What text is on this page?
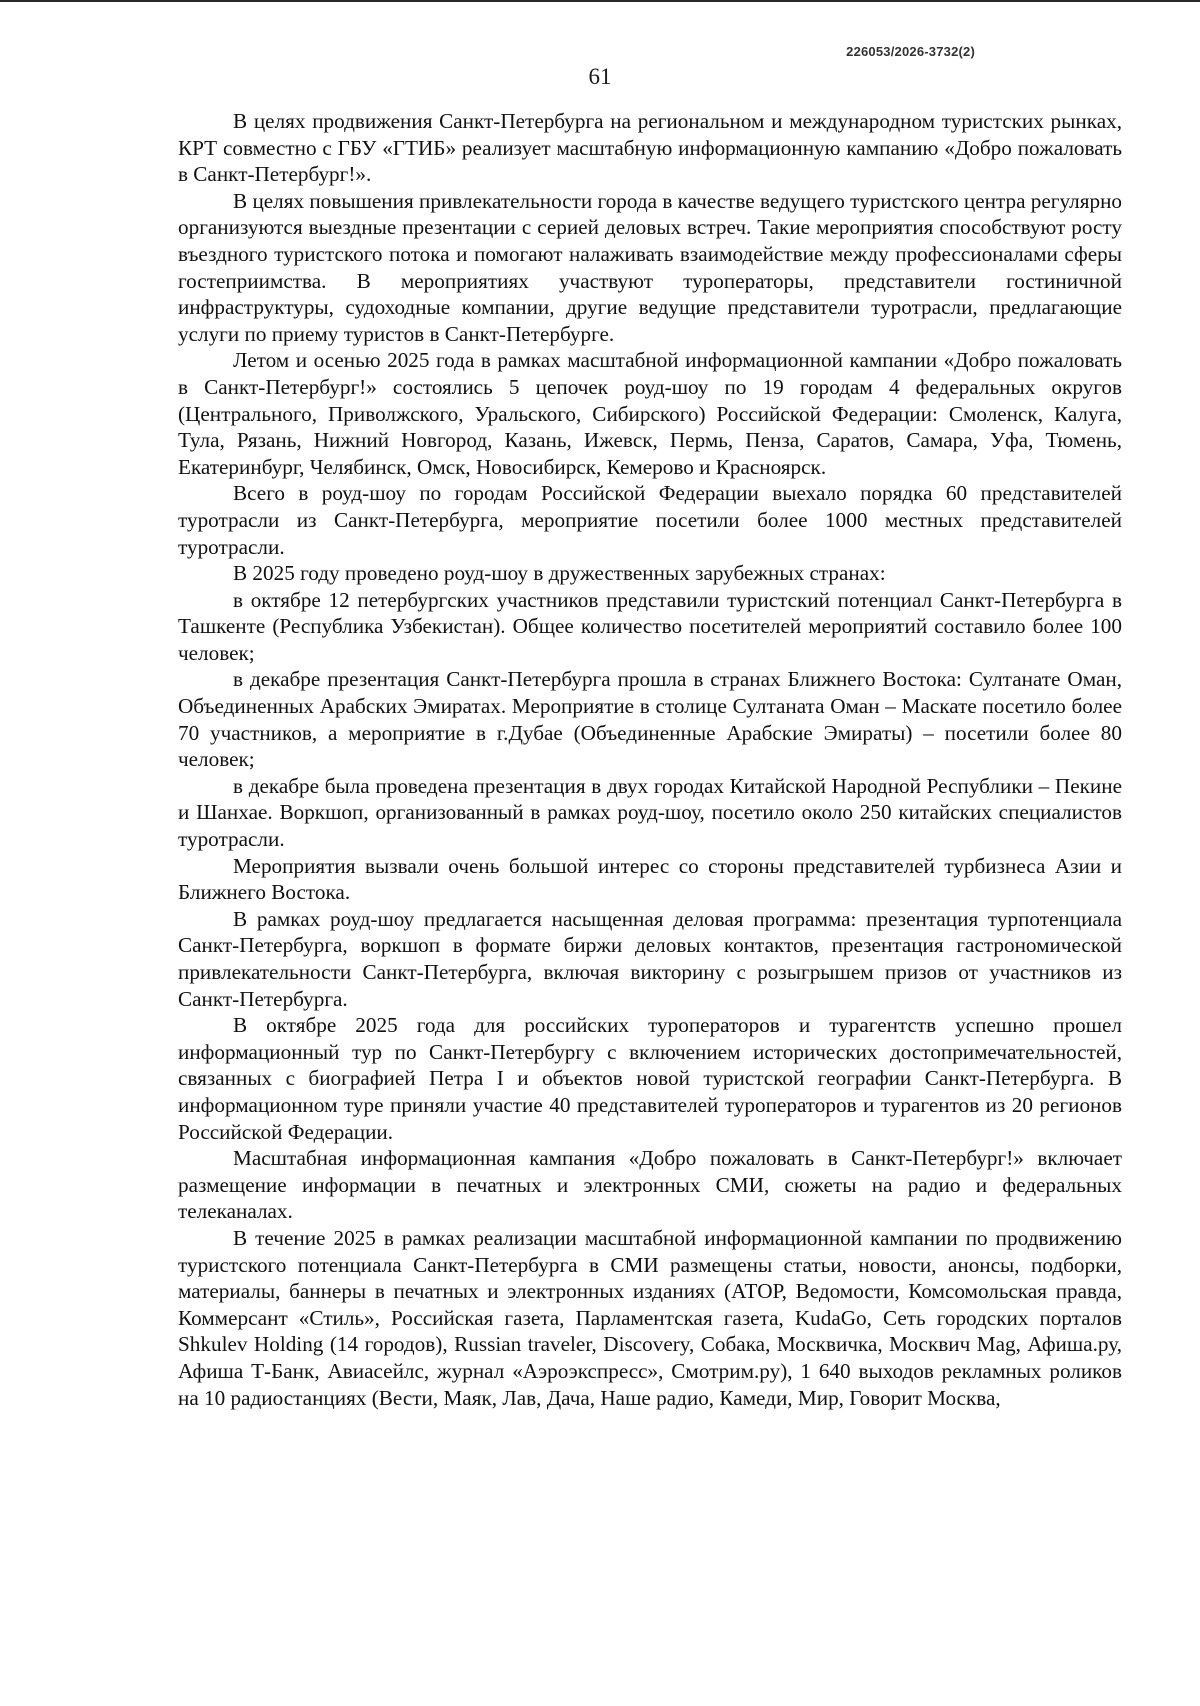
226053/2026-3732(2)
61

В целях продвижения Санкт-Петербурга на региональном и международном туристских рынках, КРТ совместно с ГБУ «ГТИБ» реализует масштабную информационную кампанию «Добро пожаловать в Санкт-Петербург!».

В целях повышения привлекательности города в качестве ведущего туристского центра регулярно организуются выездные презентации с серией деловых встреч. Такие мероприятия способствуют росту въездного туристского потока и помогают налаживать взаимодействие между профессионалами сферы гостеприимства. В мероприятиях участвуют туроператоры, представители гостиничной инфраструктуры, судоходные компании, другие ведущие представители туротрасли, предлагающие услуги по приему туристов в Санкт-Петербурге.

Летом и осенью 2025 года в рамках масштабной информационной кампании «Добро пожаловать в Санкт-Петербург!» состоялись 5 цепочек роуд-шоу по 19 городам 4 федеральных округов (Центрального, Приволжского, Уральского, Сибирского) Российской Федерации: Смоленск, Калуга, Тула, Рязань, Нижний Новгород, Казань, Ижевск, Пермь, Пенза, Саратов, Самара, Уфа, Тюмень, Екатеринбург, Челябинск, Омск, Новосибирск, Кемерово и Красноярск.

Всего в роуд-шоу по городам Российской Федерации выехало порядка 60 представителей туротрасли из Санкт-Петербурга, мероприятие посетили более 1000 местных представителей туротрасли.

В 2025 году проведено роуд-шоу в дружественных зарубежных странах:

в октябре 12 петербургских участников представили туристский потенциал Санкт-Петербурга в Ташкенте (Республика Узбекистан). Общее количество посетителей мероприятий составило более 100 человек;

в декабре презентация Санкт-Петербурга прошла в странах Ближнего Востока: Султанате Оман, Объединенных Арабских Эмиратах. Мероприятие в столице Султаната Оман – Маскате посетило более 70 участников, а мероприятие в г.Дубае (Объединенные Арабские Эмираты) – посетили более 80 человек;

в декабре была проведена презентация в двух городах Китайской Народной Республики – Пекине и Шанхае. Воркшоп, организованный в рамках роуд-шоу, посетило около 250 китайских специалистов туротрасли.

Мероприятия вызвали очень большой интерес со стороны представителей турбизнеса Азии и Ближнего Востока.

В рамках роуд-шоу предлагается насыщенная деловая программа: презентация турпотенциала Санкт-Петербурга, воркшоп в формате биржи деловых контактов, презентация гастрономической привлекательности Санкт-Петербурга, включая викторину с розыгрышем призов от участников из Санкт-Петербурга.

В октябре 2025 года для российских туроператоров и турагентств успешно прошел информационный тур по Санкт-Петербургу с включением исторических достопримечательностей, связанных с биографией Петра I и объектов новой туристской географии Санкт-Петербурга. В информационном туре приняли участие 40 представителей туроператоров и турагентов из 20 регионов Российской Федерации.

Масштабная информационная кампания «Добро пожаловать в Санкт-Петербург!» включает размещение информации в печатных и электронных СМИ, сюжеты на радио и федеральных телеканалах.

В течение 2025 в рамках реализации масштабной информационной кампании по продвижению туристского потенциала Санкт-Петербурга в СМИ размещены статьи, новости, анонсы, подборки, материалы, баннеры в печатных и электронных изданиях (АТОР, Ведомости, Комсомольская правда, Коммерсант «Стиль», Российская газета, Парламентская газета, KudaGo, Сеть городских порталов Shkulev Holding (14 городов), Russian traveler, Discovery, Собака, Москвичка, Москвич Mag, Афиша.ру, Афиша Т-Банк, Авиасейлс, журнал «Аэроэкспресс», Смотрим.ру), 1 640 выходов рекламных роликов на 10 радиостанциях (Вести, Маяк, Лав, Дача, Наше радио, Камеди, Мир, Говорит Москва,
